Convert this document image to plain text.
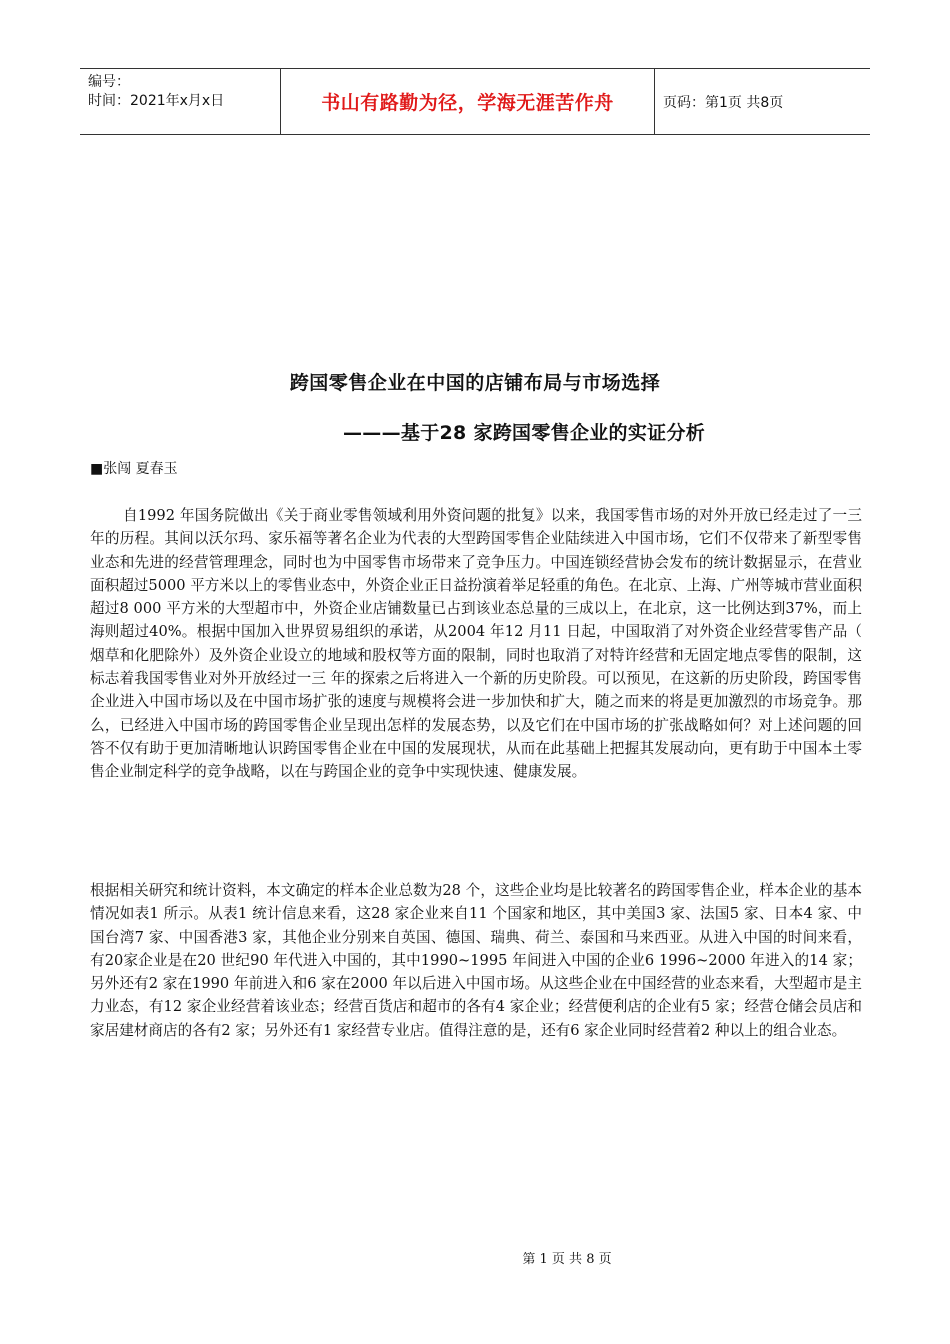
编号：
时间：2021年x月x日	书山有路勤为径，学海无涯苦作舟	页码：第1页 共8页
跨国零售企业在中国的店铺布局与市场选择
———基于28 家跨国零售企业的实证分析
■张闯 夏春玉

自1992 年国务院做出《关于商业零售领域利用外资问题的批复》以来，我国零售市场的对外开放已经走过了一三 年的历程。其间以沃尔玛、家乐福等著名企业为代表的大型跨国零售企业陆续进入中国市场，它们不仅带来了新型零售业态和先进的经营管理理念，同时也为中国零售市场带来了竞争压力。中国连锁经营协会发布的统计数据显示，在营业面积超过5000 平方米以上的零售业态中，外资企业正日益扮演着举足轻重的角色。在北京、上海、广州等城市营业面积超过8 000 平方米的大型超市中，外资企业店铺数量已占到该业态总量的三成以上，在北京，这一比例达到37%，而上海则超过40%。根据中国加入世界贸易组织的承诺，从2004 年12 月11 日起，中国取消了对外资企业经营零售产品（ 烟草和化肥除外）及外资企业设立的地域和股权等方面的限制，同时也取消了对特许经营和无固定地点零售的限制，这标志着我国零售业对外开放经过一三 年的探索之后将进入一个新的历史阶段。可以预见，在这新的历史阶段，跨国零售企业进入中国市场以及在中国市场扩张的速度与规模将会进一步加快和扩大，随之而来的将是更加激烈的市场竞争。那么，已经进入中国市场的跨国零售企业呈现出怎样的发展态势，以及它们在中国市场的扩张战略如何？对上述问题的回答不仅有助于更加清晰地认识跨国零售企业在中国的发展现状，从而在此基础上把握其发展动向，更有助于中国本土零售企业制定科学的竞争战略，以在与跨国企业的竞争中实现快速、健康发展。

根据相关研究和统计资料，本文确定的样本企业总数为28 个，这些企业均是比较著名的跨国零售企业，样本企业的基本情况如表1 所示。从表1 统计信息来看，这28 家企业来自11 个国家和地区，其中美国3 家、法国5 家、日本4 家、中国台湾7 家、中国香港3 家，其他企业分别来自英国、德国、瑞典、荷兰、泰国和马来西亚。从进入中国的时间来看，有20家企业是在20 世纪90 年代进入中国的，其中1990~1995 年间进入中国的企业6 1996~2000 年进入的14 家；另外还有2 家在1990 年前进入和6 家在2000 年以后进入中国市场。从这些企业在中国经营的业态来看，大型超市是主力业态，有12 家企业经营着该业态；经营百货店和超市的各有4 家企业；经营便利店的企业有5 家；经营仓储会员店和家居建材商店的各有2 家；另外还有1 家经营专业店。值得注意的是，还有6 家企业同时经营着2 种以上的组合业态。

第 1 页 共 8 页
